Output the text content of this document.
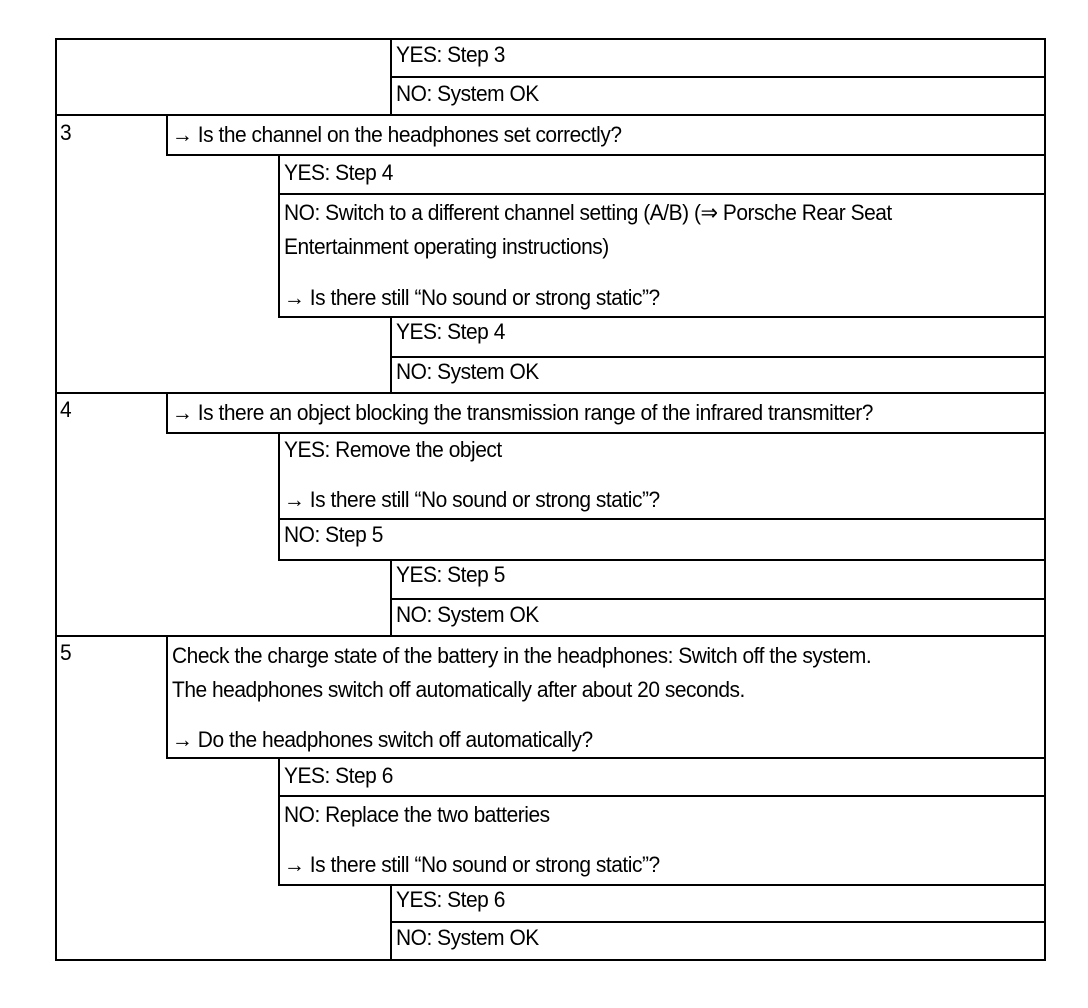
YES: Step 3
NO: System OK
3	→ Is the channel on the headphones set correctly?
YES: Step 4
NO: Switch to a different channel setting (A/B) (⇒ Porsche Rear Seat
Entertainment operating instructions)
→ Is there still “No sound or strong static”?
YES: Step 4
NO: System OK
4	→ Is there an object blocking the transmission range of the infrared transmitter?
YES: Remove the object
→ Is there still “No sound or strong static”?
NO: Step 5
YES: Step 5
NO: System OK
5	Check the charge state of the battery in the headphones: Switch off the system.
The headphones switch off automatically after about 20 seconds.
→ Do the headphones switch off automatically?
YES: Step 6
NO: Replace the two batteries
→ Is there still “No sound or strong static”?
YES: Step 6
NO: System OK
